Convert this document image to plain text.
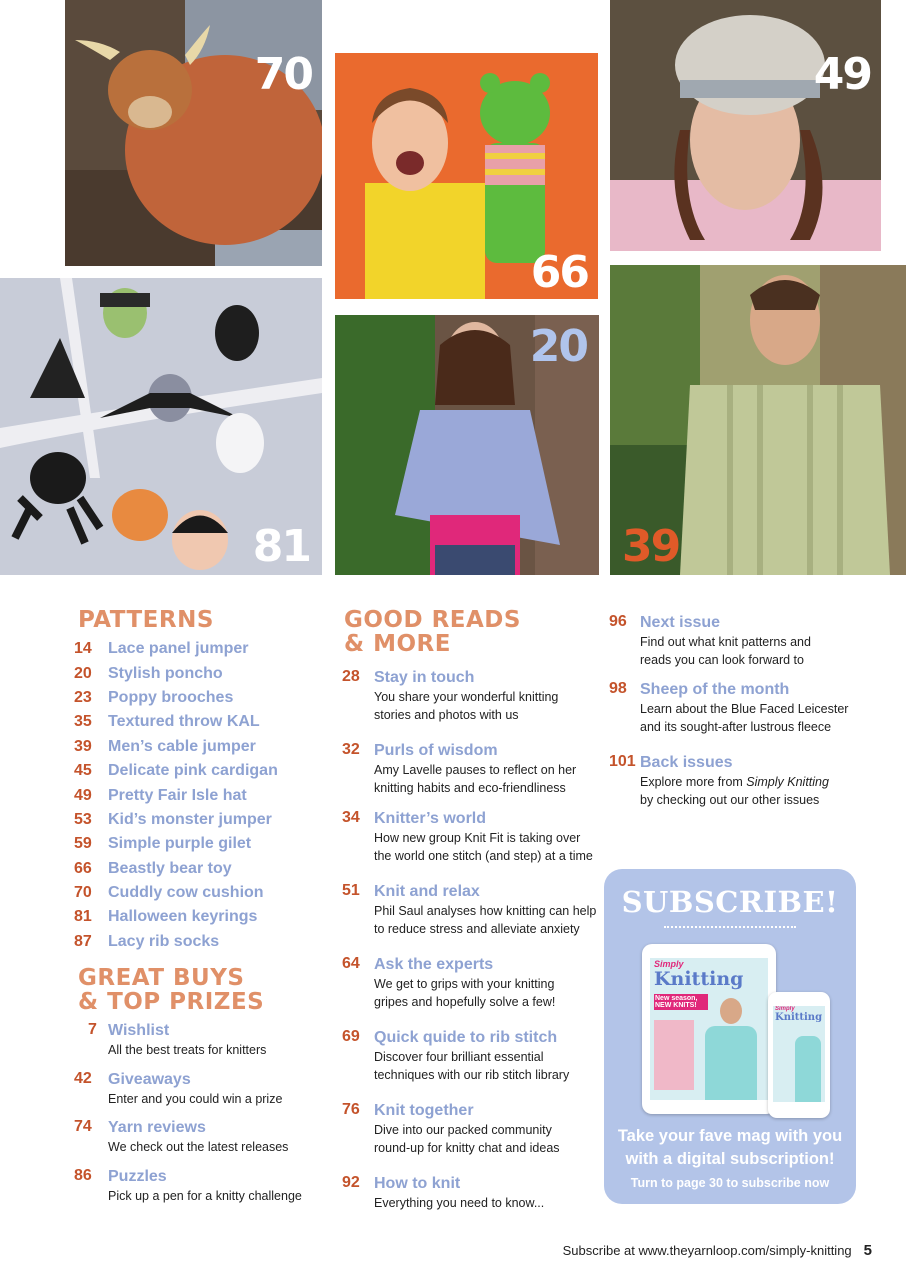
70
66
49
81
20
39
PATTERNS
14	Lace panel jumper
20	Stylish poncho
23	Poppy brooches
35	Textured throw KAL
39	Men’s cable jumper
45	Delicate pink cardigan
49	Pretty Fair Isle hat
53	Kid’s monster jumper
59	Simple purple gilet
66	Beastly bear toy
70	Cuddly cow cushion
81	Halloween keyrings
87	Lacy rib socks
GREAT BUYS
& TOP PRIZES
7 Wishlist
All the best treats for knitters
42 Giveaways
Enter and you could win a prize
74 Yarn reviews
We check out the latest releases
86 Puzzles
Pick up a pen for a knitty challenge
GOOD READS
& MORE
28 Stay in touch
You share your wonderful knitting
stories and photos with us
32 Purls of wisdom
Amy Lavelle pauses to reflect on her
knitting habits and eco-friendliness
34 Knitter’s world
How new group Knit Fit is taking over
the world one stitch (and step) at a time
51 Knit and relax
Phil Saul analyses how knitting can help
to reduce stress and alleviate anxiety
64 Ask the experts
We get to grips with your knitting
gripes and hopefully solve a few!
69 Quick quide to rib stitch
Discover four brilliant essential
techniques with our rib stitch library
76 Knit together
Dive into our packed community
round-up for knitty chat and ideas
92 How to knit
Everything you need to know...
96 Next issue
Find out what knit patterns and
reads you can look forward to
98 Sheep of the month
Learn about the Blue Faced Leicester
and its sought-after lustrous fleece
101 Back issues
Explore more from Simply Knitting
by checking out our other issues
SUBSCRIBE!
Simply
Knitting
New season, NEW KNITS!	Simply
Knitting
Take your fave mag with you
with a digital subscription!
Turn to page 30 to subscribe now
Subscribe at www.theyarnloop.com/simply-knitting 5
